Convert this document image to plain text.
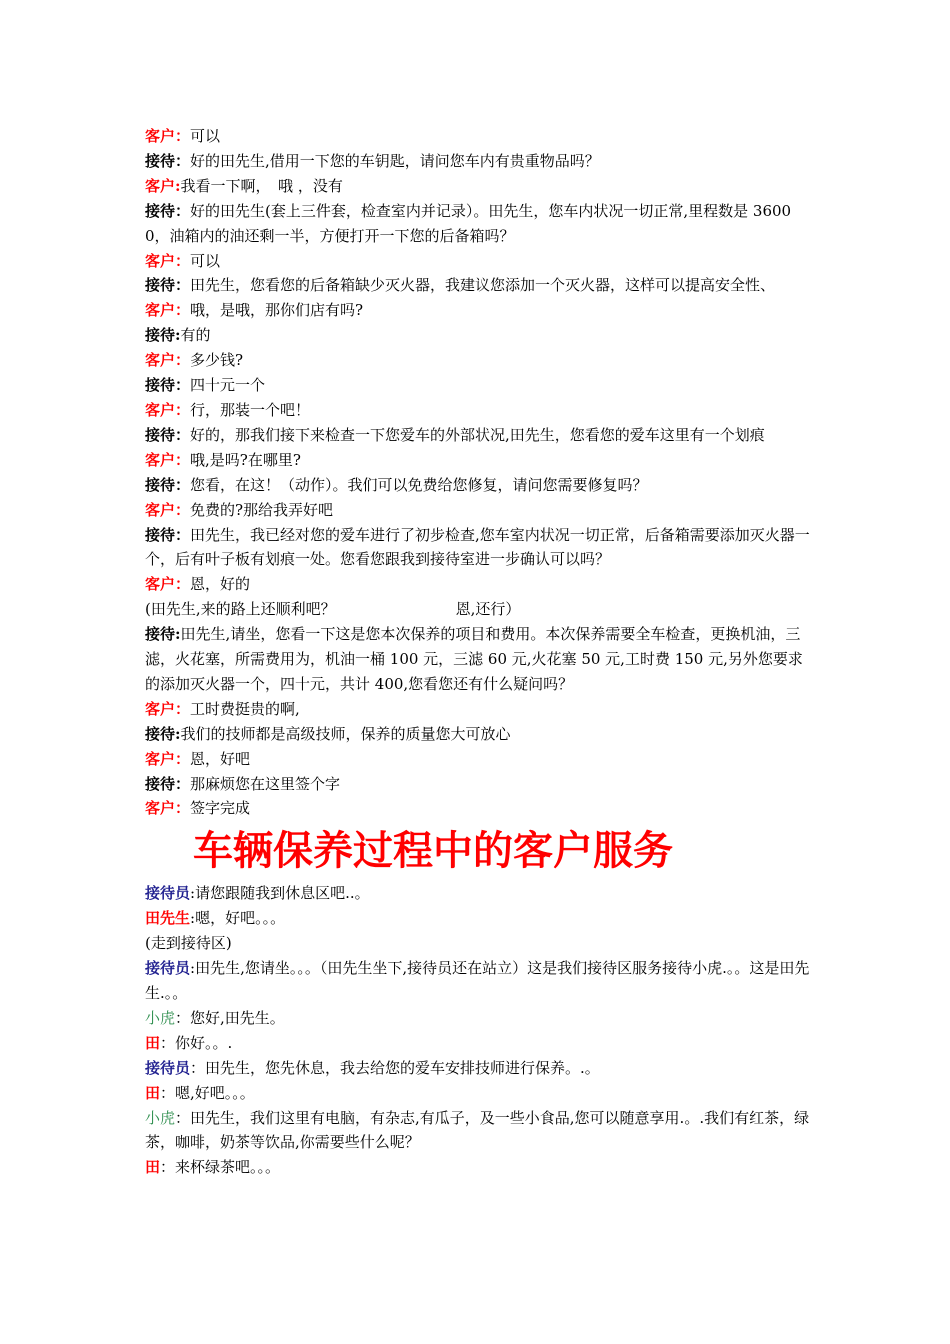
客户：可以

接待：好的田先生,借用一下您的车钥匙，请问您车内有贵重物品吗？

客户:我看一下啊，　哦 ，没有

接待：好的田先生(套上三件套，检查室内并记录）。田先生，您车内状况一切正常,里程数是 36000，油箱内的油还剩一半，方便打开一下您的后备箱吗？

客户：可以

接待：田先生，您看您的后备箱缺少灭火器，我建议您添加一个灭火器，这样可以提高安全性、

客户：哦，是哦，那你们店有吗?

接待:有的

客户：多少钱?

接待：四十元一个

客户：行，那装一个吧！

接待：好的，那我们接下来检查一下您爱车的外部状况,田先生，您看您的爱车这里有一个划痕

客户：哦,是吗?在哪里?

接待：您看，在这！（动作）。我们可以免费给您修复，请问您需要修复吗？

客户：免费的?那给我弄好吧

接待：田先生，我已经对您的爱车进行了初步检查,您车室内状况一切正常，后备箱需要添加灭火器一个，后有叶子板有划痕一处。您看您跟我到接待室进一步确认可以吗？

客户：恩，好的

(田先生,来的路上还顺利吧？	恩,还行）

接待:田先生,请坐，您看一下这是您本次保养的项目和费用。本次保养需要全车检查，更换机油，三滤，火花塞，所需费用为，机油一桶 100 元，三滤 60 元,火花塞 50 元,工时费 150 元,另外您要求的添加灭火器一个，四十元，共计 400,您看您还有什么疑问吗？

客户：工时费挺贵的啊,

接待:我们的技师都是高级技师，保养的质量您大可放心

客户：恩，好吧

接待：那麻烦您在这里签个字

客户：签字完成

车辆保养过程中的客户服务

接待员:请您跟随我到休息区吧..。

田先生:嗯，好吧。。。

(走到接待区)

接待员:田先生,您请坐。。。（田先生坐下,接待员还在站立）这是我们接待区服务接待小虎.。。这是田先生.。。

小虎：您好,田先生。

田：你好。。.

接待员：田先生，您先休息，我去给您的爱车安排技师进行保养。.。

田：嗯,好吧。。。

小虎：田先生，我们这里有电脑，有杂志,有瓜子，及一些小食品,您可以随意享用.。.我们有红茶，绿茶，咖啡，奶茶等饮品,你需要些什么呢？

田：来杯绿茶吧。。。
